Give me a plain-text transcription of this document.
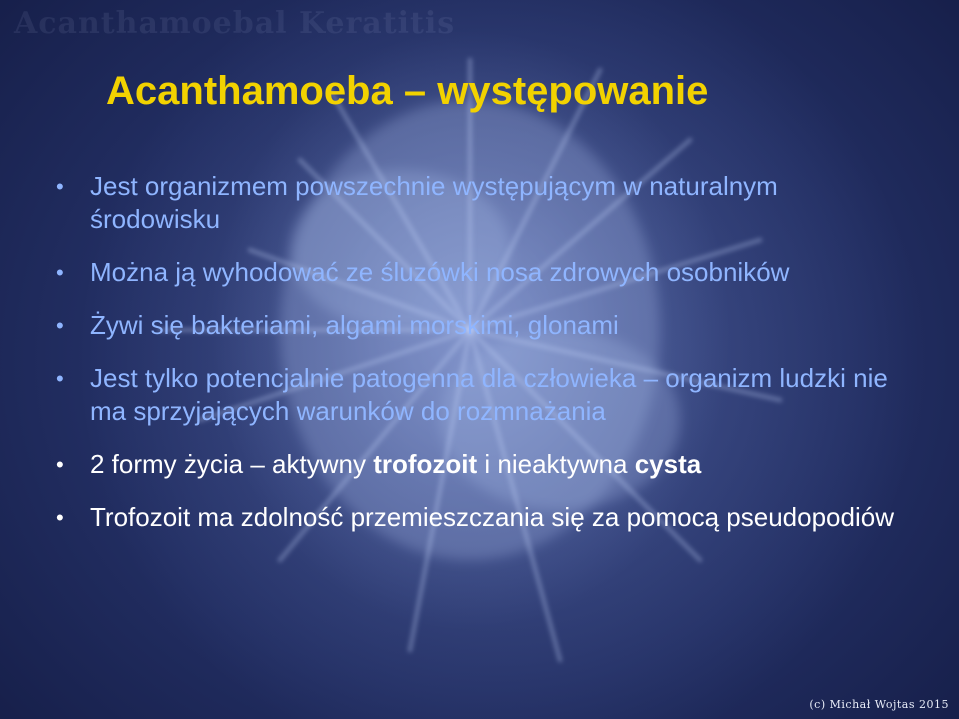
Acanthamoebal Keratitis
Acanthamoeba – występowanie
• Jest organizmem powszechnie występującym w naturalnym środowisku
• Można ją wyhodować ze śluzówki nosa zdrowych osobników
• Żywi się bakteriami, algami morskimi, glonami
• Jest tylko potencjalnie patogenna dla człowieka – organizm ludzki nie ma sprzyjających warunków do rozmnażania
• 2 formy życia – aktywny trofozoit i nieaktywna cysta
• Trofozoit ma zdolność przemieszczania się za pomocą pseudopodiów
(c) Michał Wojtas 2015
